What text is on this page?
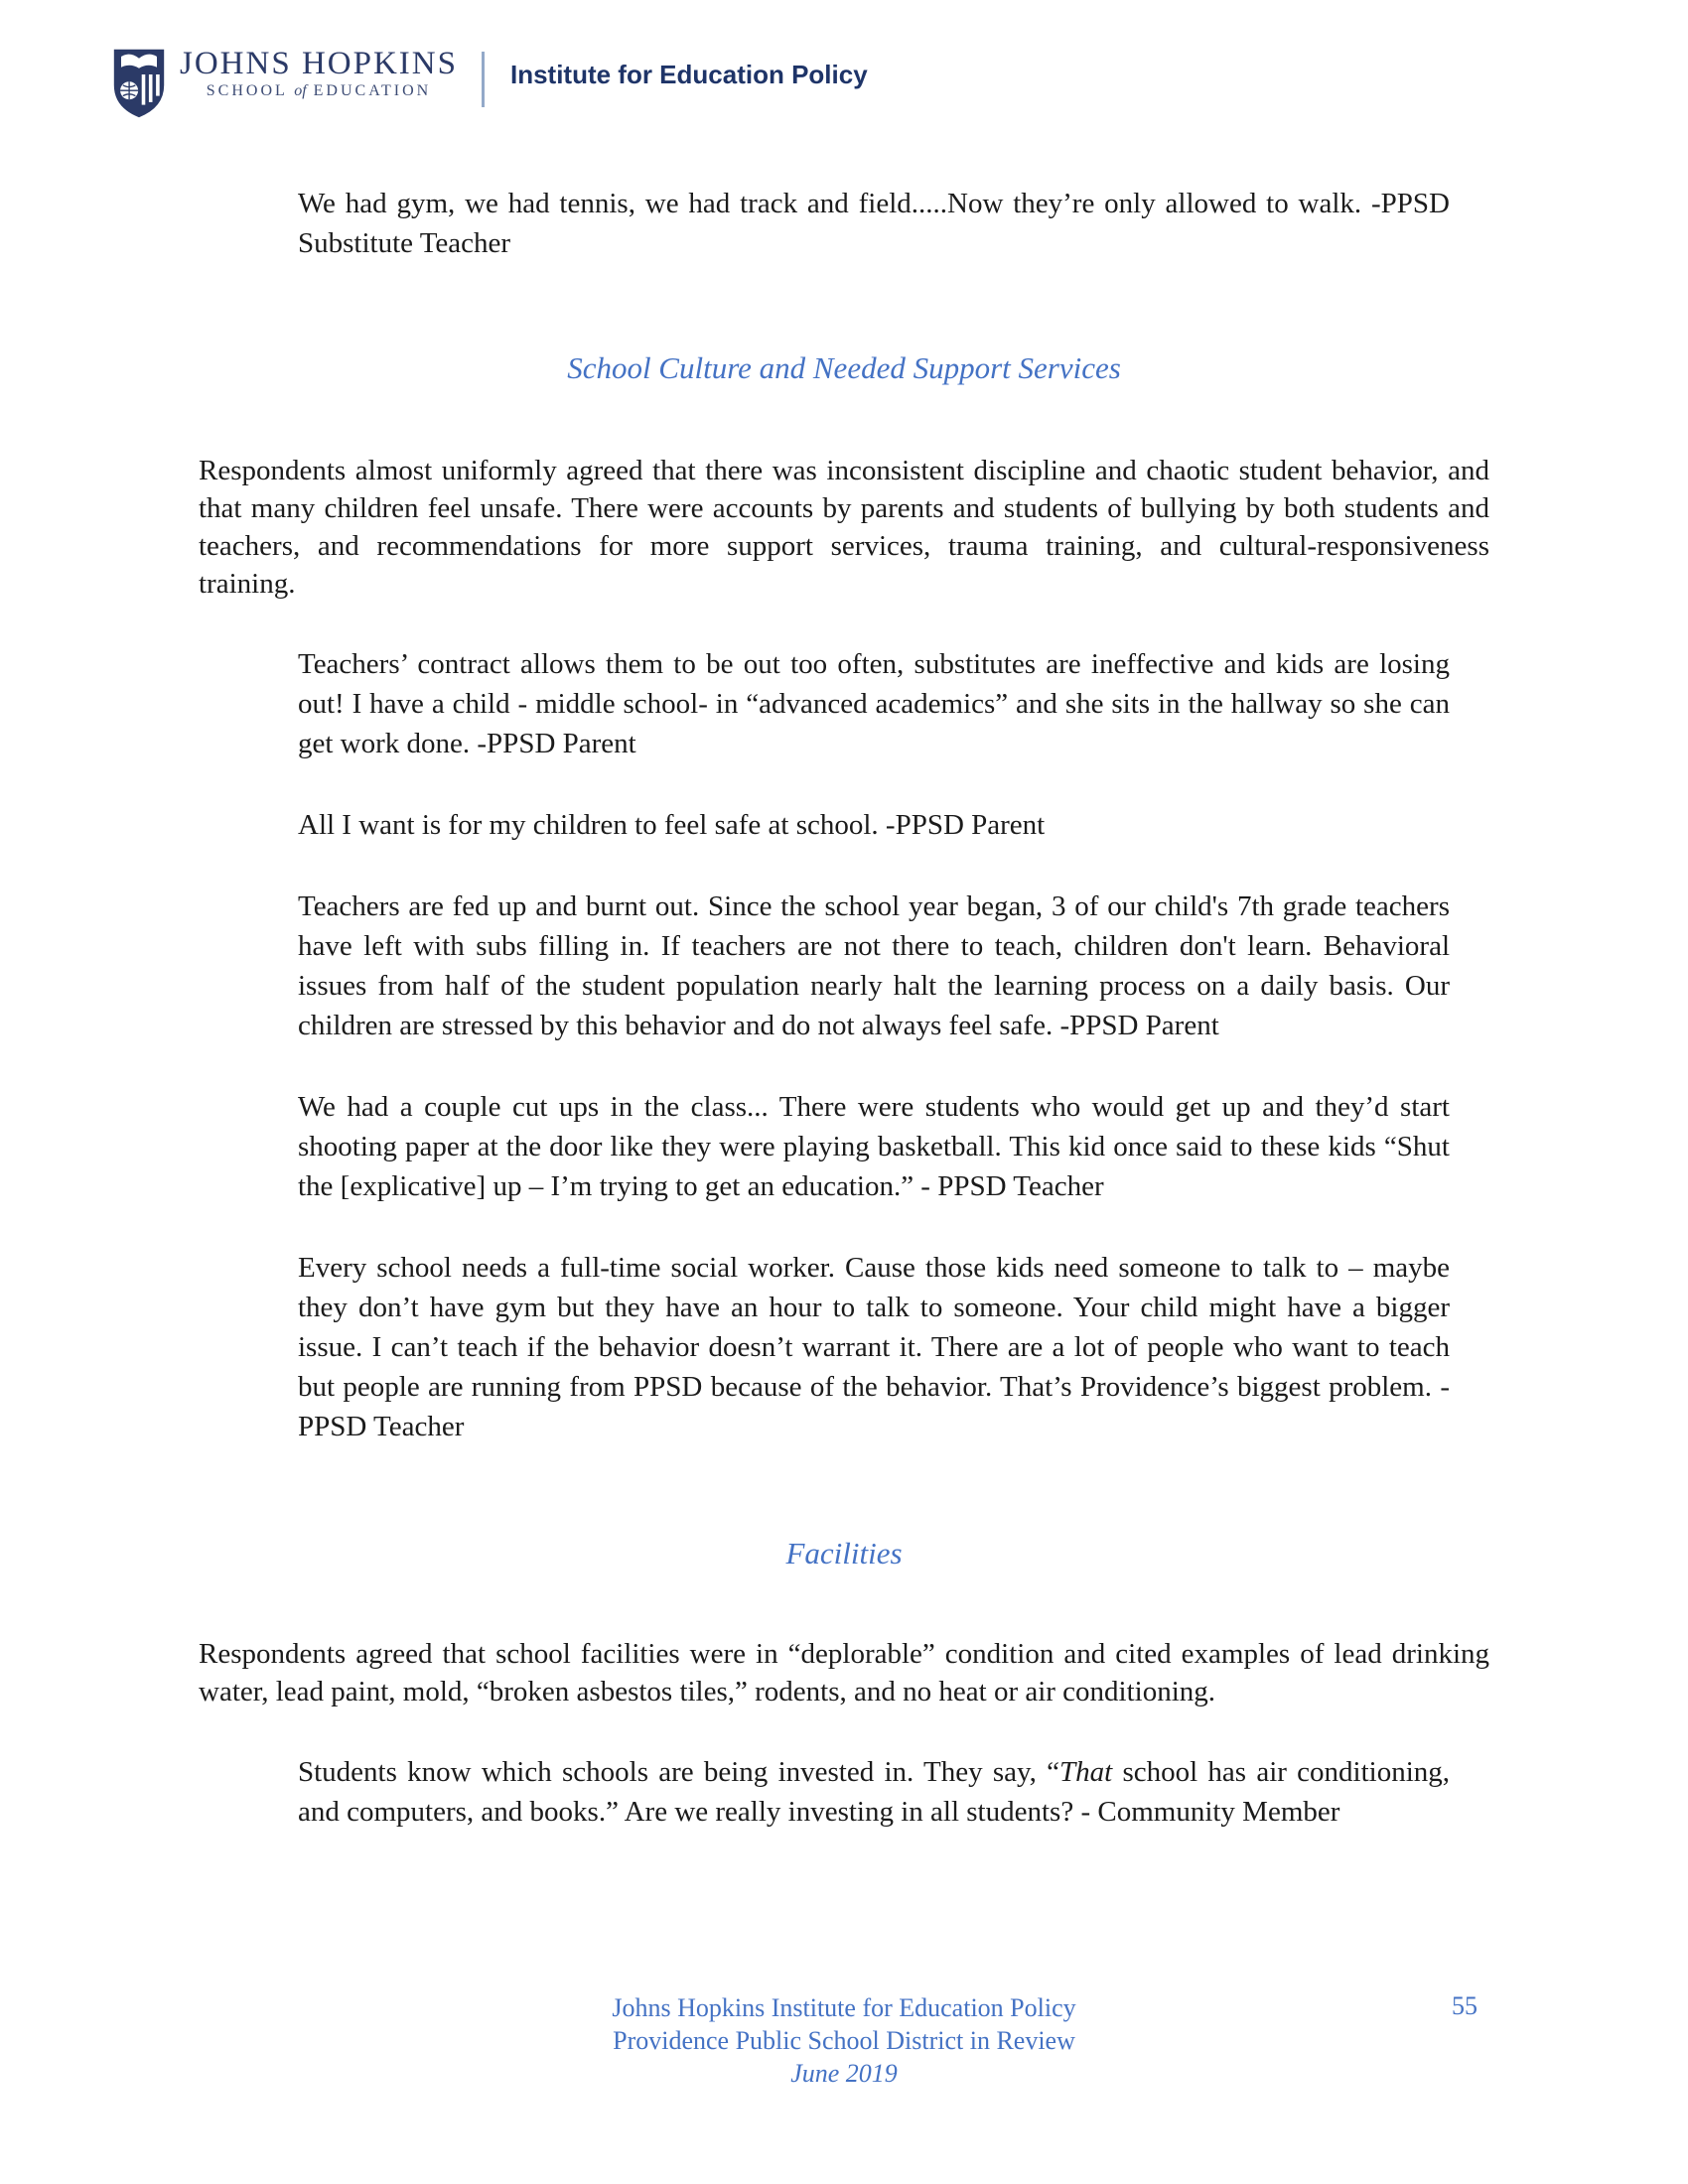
JOHNS HOPKINS
SCHOOL of EDUCATION
Institute for Education Policy

We had gym, we had tennis, we had track and field.....Now they’re only allowed to walk. -PPSD Substitute Teacher

School Culture and Needed Support Services

Respondents almost uniformly agreed that there was inconsistent discipline and chaotic student behavior, and that many children feel unsafe. There were accounts by parents and students of bullying by both students and teachers, and recommendations for more support services, trauma training, and cultural-responsiveness training.

Teachers’ contract allows them to be out too often, substitutes are ineffective and kids are losing out! I have a child - middle school- in “advanced academics” and she sits in the hallway so she can get work done. -PPSD Parent

All I want is for my children to feel safe at school. -PPSD Parent

Teachers are fed up and burnt out. Since the school year began, 3 of our child's 7th grade teachers have left with subs filling in. If teachers are not there to teach, children don't learn. Behavioral issues from half of the student population nearly halt the learning process on a daily basis. Our children are stressed by this behavior and do not always feel safe. -PPSD Parent

We had a couple cut ups in the class... There were students who would get up and they’d start shooting paper at the door like they were playing basketball. This kid once said to these kids “Shut the [explicative] up – I’m trying to get an education.” - PPSD Teacher

Every school needs a full-time social worker. Cause those kids need someone to talk to – maybe they don’t have gym but they have an hour to talk to someone. Your child might have a bigger issue. I can’t teach if the behavior doesn’t warrant it. There are a lot of people who want to teach but people are running from PPSD because of the behavior. That’s Providence’s biggest problem. -PPSD Teacher

Facilities

Respondents agreed that school facilities were in “deplorable” condition and cited examples of lead drinking water, lead paint, mold, “broken asbestos tiles,” rodents, and no heat or air conditioning.

Students know which schools are being invested in. They say, “That school has air conditioning, and computers, and books.” Are we really investing in all students? - Community Member

Johns Hopkins Institute for Education Policy
Providence Public School District in Review
June 2019
55
